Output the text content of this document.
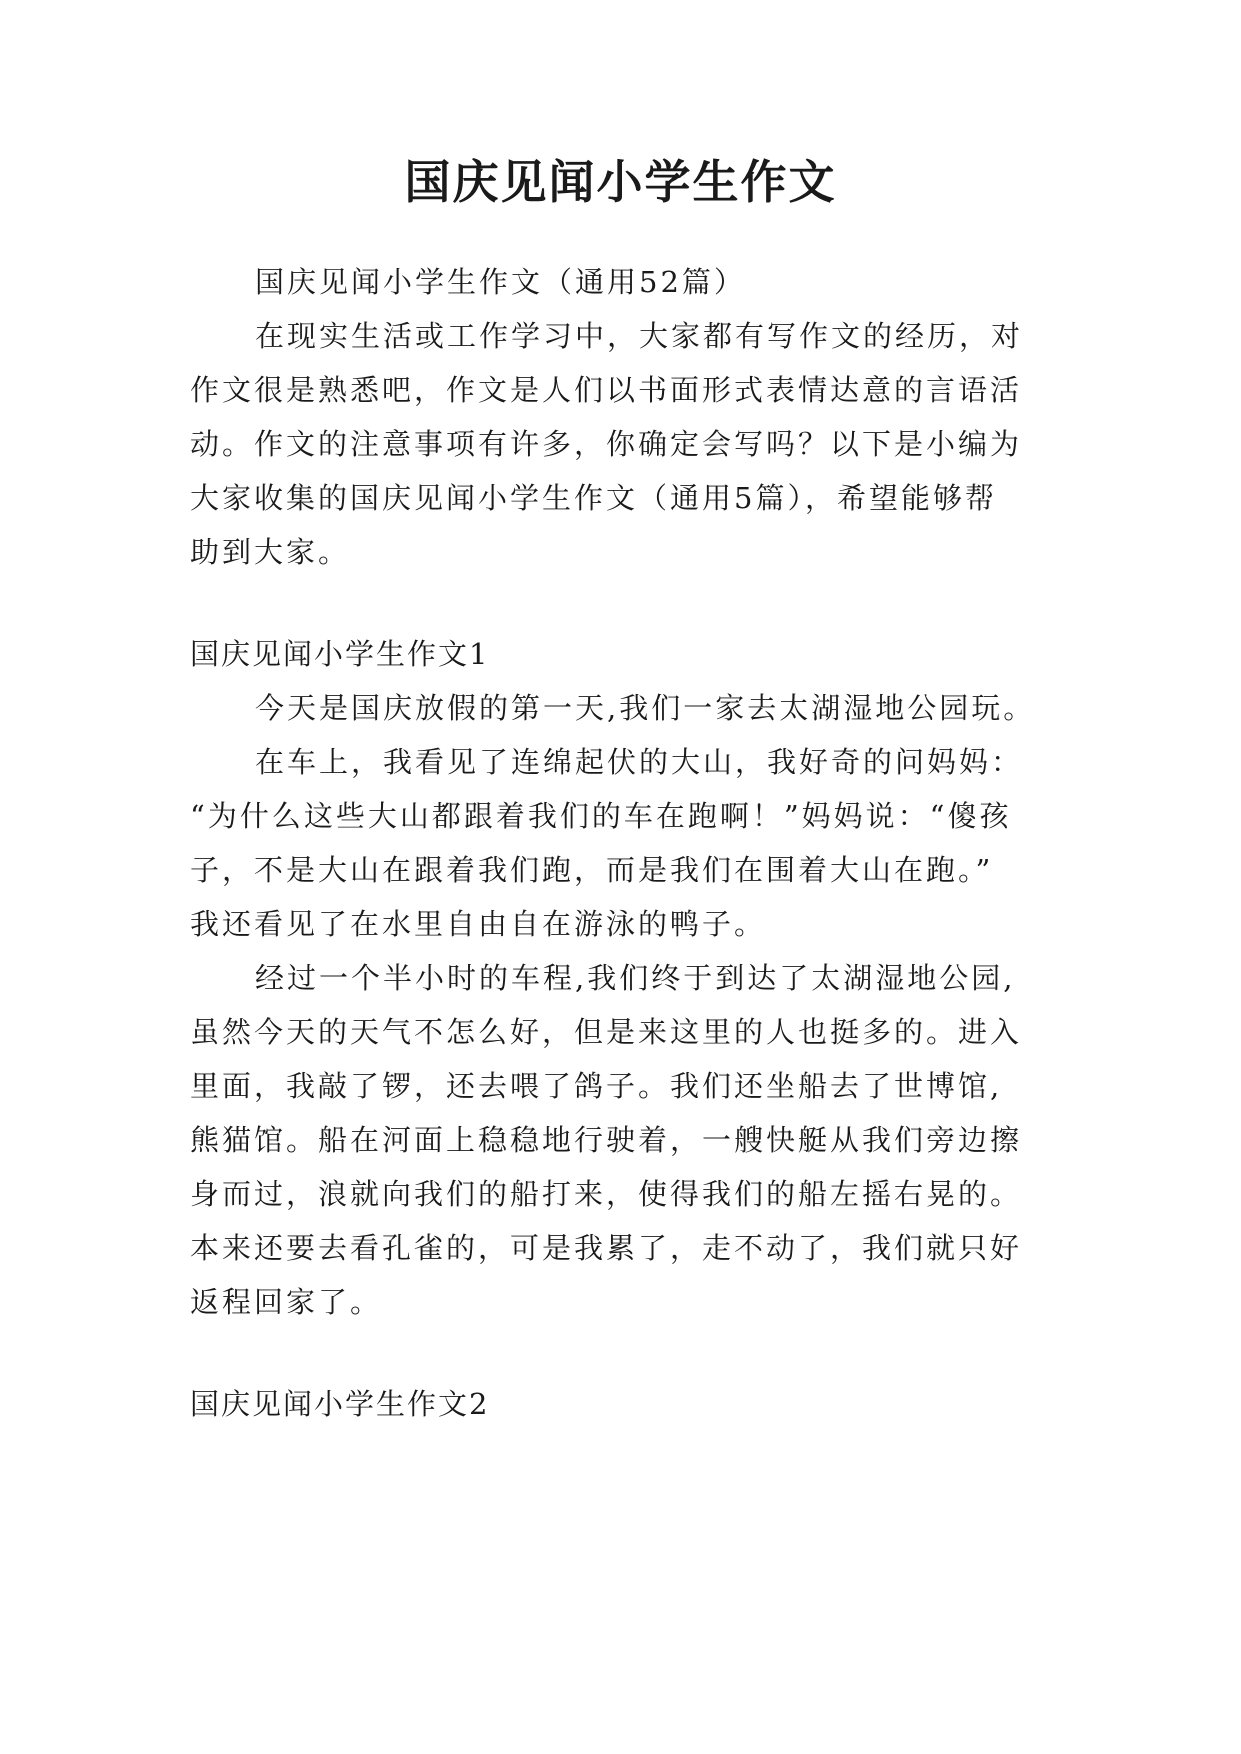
国庆见闻小学生作文

国庆见闻小学生作文（通用52篇）

在现实生活或工作学习中，大家都有写作文的经历，对

作文很是熟悉吧，作文是人们以书面形式表情达意的言语活

动。作文的注意事项有许多，你确定会写吗？以下是小编为

大家收集的国庆见闻小学生作文（通用5篇），希望能够帮

助到大家。

国庆见闻小学生作文1

今天是国庆放假的第一天,我们一家去太湖湿地公园玩。

在车上，我看见了连绵起伏的大山，我好奇的问妈妈：

“为什么这些大山都跟着我们的车在跑啊！”妈妈说：“傻孩

子，不是大山在跟着我们跑，而是我们在围着大山在跑。”

我还看见了在水里自由自在游泳的鸭子。

经过一个半小时的车程,我们终于到达了太湖湿地公园,

虽然今天的天气不怎么好，但是来这里的人也挺多的。进入

里面，我敲了锣，还去喂了鸽子。我们还坐船去了世博馆,

熊猫馆。船在河面上稳稳地行驶着，一艘快艇从我们旁边擦

身而过，浪就向我们的船打来，使得我们的船左摇右晃的。

本来还要去看孔雀的，可是我累了，走不动了，我们就只好

返程回家了。

国庆见闻小学生作文2
